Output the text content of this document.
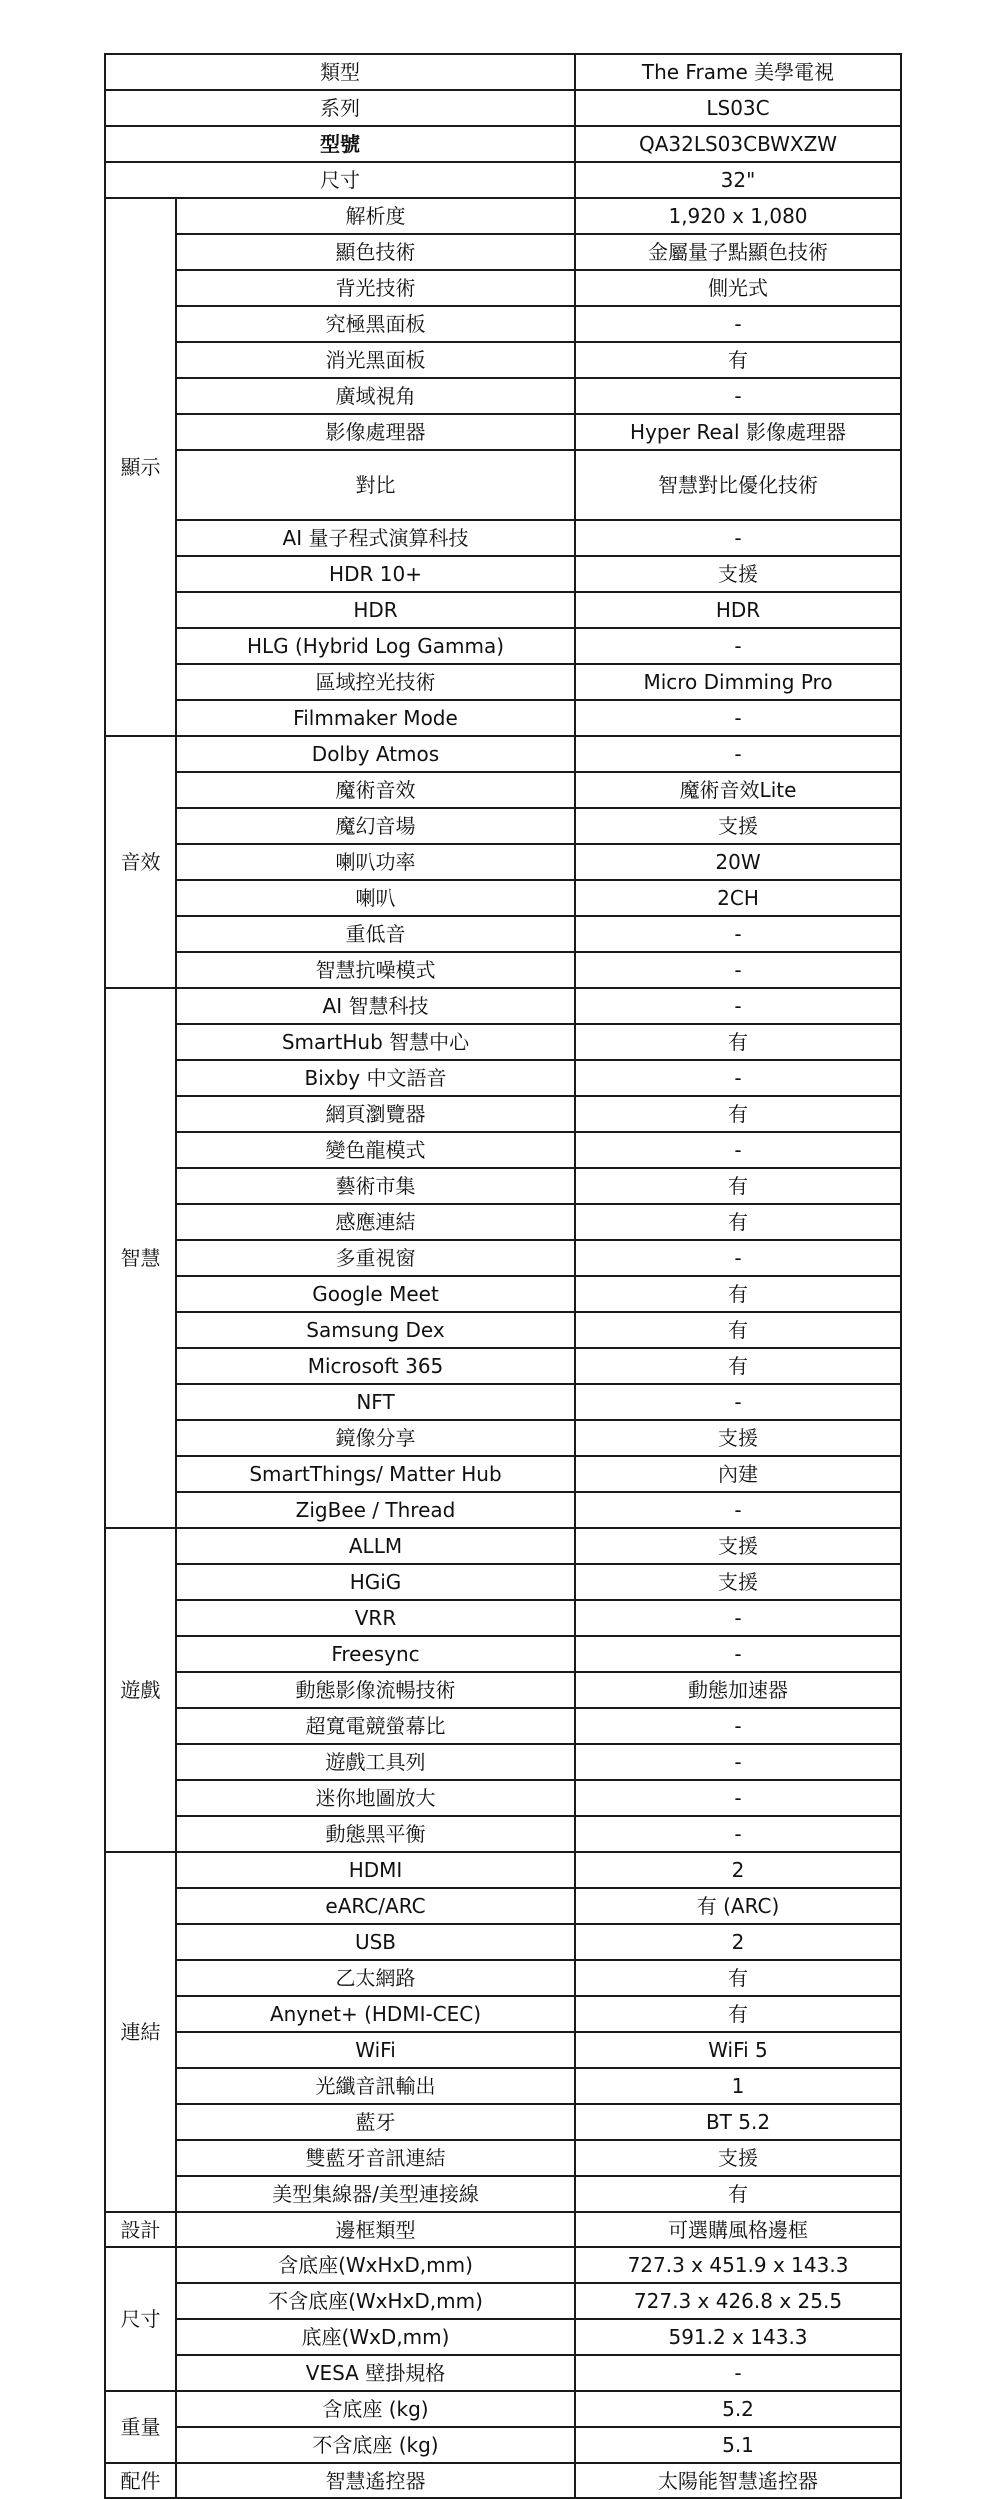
類型		The Frame 美學電視
系列		LS03C
型號		QA32LS03CBWXZW
尺寸		32"
顯示	解析度	1,920 x 1,080
	顯色技術	金屬量子點顯色技術
	背光技術	側光式
	究極黑面板	-
	消光黑面板	有
	廣域視角	-
	影像處理器	Hyper Real 影像處理器
	對比	智慧對比優化技術
	AI 量子程式演算科技	-
	HDR 10+	支援
	HDR	HDR
	HLG (Hybrid Log Gamma)	-
	區域控光技術	Micro Dimming Pro
	Filmmaker Mode	-
音效	Dolby Atmos	-
	魔術音效	魔術音效Lite
	魔幻音場	支援
	喇叭功率	20W
	喇叭	2CH
	重低音	-
	智慧抗噪模式	-
智慧	AI 智慧科技	-
	SmartHub 智慧中心	有
	Bixby 中文語音	-
	網頁瀏覽器	有
	變色龍模式	-
	藝術市集	有
	感應連結	有
	多重視窗	-
	Google Meet	有
	Samsung Dex	有
	Microsoft 365	有
	NFT	-
	鏡像分享	支援
	SmartThings/ Matter Hub	內建
	ZigBee / Thread	-
遊戲	ALLM	支援
	HGiG	支援
	VRR	-
	Freesync	-
	動態影像流暢技術	動態加速器
	超寬電競螢幕比	-
	遊戲工具列	-
	迷你地圖放大	-
	動態黑平衡	-
連結	HDMI	2
	eARC/ARC	有 (ARC)
	USB	2
	乙太網路	有
	Anynet+ (HDMI-CEC)	有
	WiFi	WiFi 5
	光纖音訊輸出	1
	藍牙	BT 5.2
	雙藍牙音訊連結	支援
	美型集線器/美型連接線	有
設計	邊框類型	可選購風格邊框
尺寸	含底座(WxHxD,mm)	727.3 x 451.9 x 143.3
	不含底座(WxHxD,mm)	727.3 x 426.8 x 25.5
	底座(WxD,mm)	591.2 x 143.3
	VESA 壁掛規格	-
重量	含底座 (kg)	5.2
	不含底座 (kg)	5.1
配件	智慧遙控器	太陽能智慧遙控器
